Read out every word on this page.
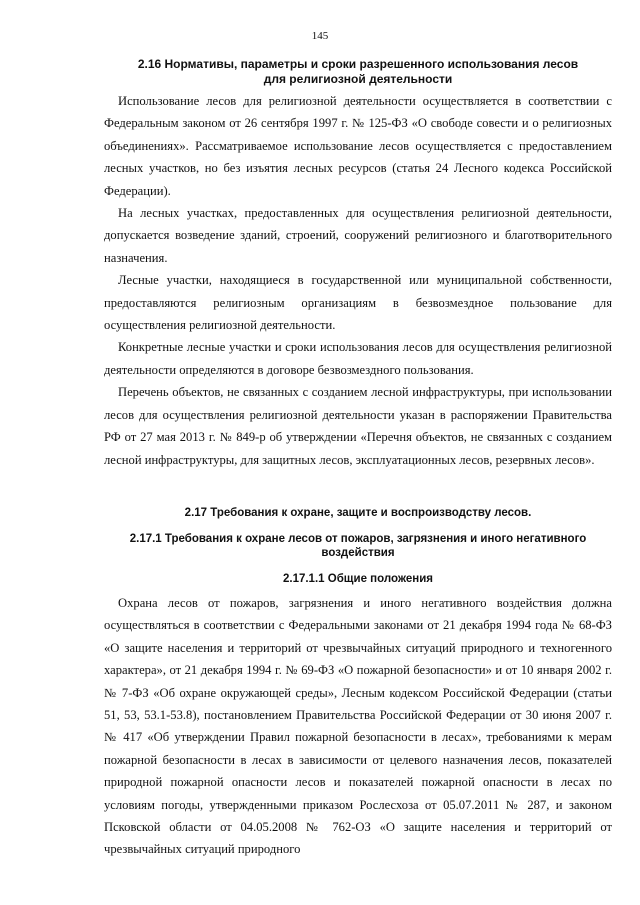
145
2.16 Нормативы, параметры и сроки разрешенного использования лесов
для религиозной деятельности

Использование лесов для религиозной деятельности осуществляется в соответствии с Федеральным законом от 26 сентября 1997 г. № 125-ФЗ «О свободе совести и о религиозных объединениях». Рассматриваемое использование лесов осуществляется с предоставлением лесных участков, но без изъятия лесных ресурсов (статья 24 Лесного кодекса Российской Федерации).

На лесных участках, предоставленных для осуществления религиозной деятельности, допускается возведение зданий, строений, сооружений религиозного и благотворительного назначения.

Лесные участки, находящиеся в государственной или муниципальной собственности, предоставляются религиозным организациям в безвозмездное пользование для осуществления религиозной деятельности.

Конкретные лесные участки и сроки использования лесов для осуществления религиозной деятельности определяются в договоре безвозмездного пользования.

Перечень объектов, не связанных с созданием лесной инфраструктуры, при использовании лесов для осуществления религиозной деятельности указан в распоряжении Правительства РФ от 27 мая 2013 г. № 849-р об утверждении «Перечня объектов, не связанных с созданием лесной инфраструктуры, для защитных лесов, эксплуатационных лесов, резервных лесов».

2.17 Требования к охране, защите и воспроизводству лесов.
2.17.1 Требования к охране лесов от пожаров, загрязнения и иного негативного
воздействия
2.17.1.1 Общие положения

Охрана лесов от пожаров, загрязнения и иного негативного воздействия должна осуществляться в соответствии с Федеральными законами от 21 декабря 1994 года № 68-ФЗ «О защите населения и территорий от чрезвычайных ситуаций природного и техногенного характера», от 21 декабря 1994 г. № 69-ФЗ «О пожарной безопасности» и от 10 января 2002 г. № 7-ФЗ «Об охране окружающей среды», Лесным кодексом Российской Федерации (статьи 51, 53, 53.1-53.8), постановлением Правительства Российской Федерации от 30 июня 2007 г. № 417 «Об утверждении Правил пожарной безопасности в лесах», требованиями к мерам пожарной безопасности в лесах в зависимости от целевого назначения лесов, показателей природной пожарной опасности лесов и показателей пожарной опасности в лесах по условиям погоды, утвержденными приказом Рослесхоза от 05.07.2011 № 287, и законом Псковской области от 04.05.2008 № 762-ОЗ «О защите населения и территорий от чрезвычайных ситуаций природного
